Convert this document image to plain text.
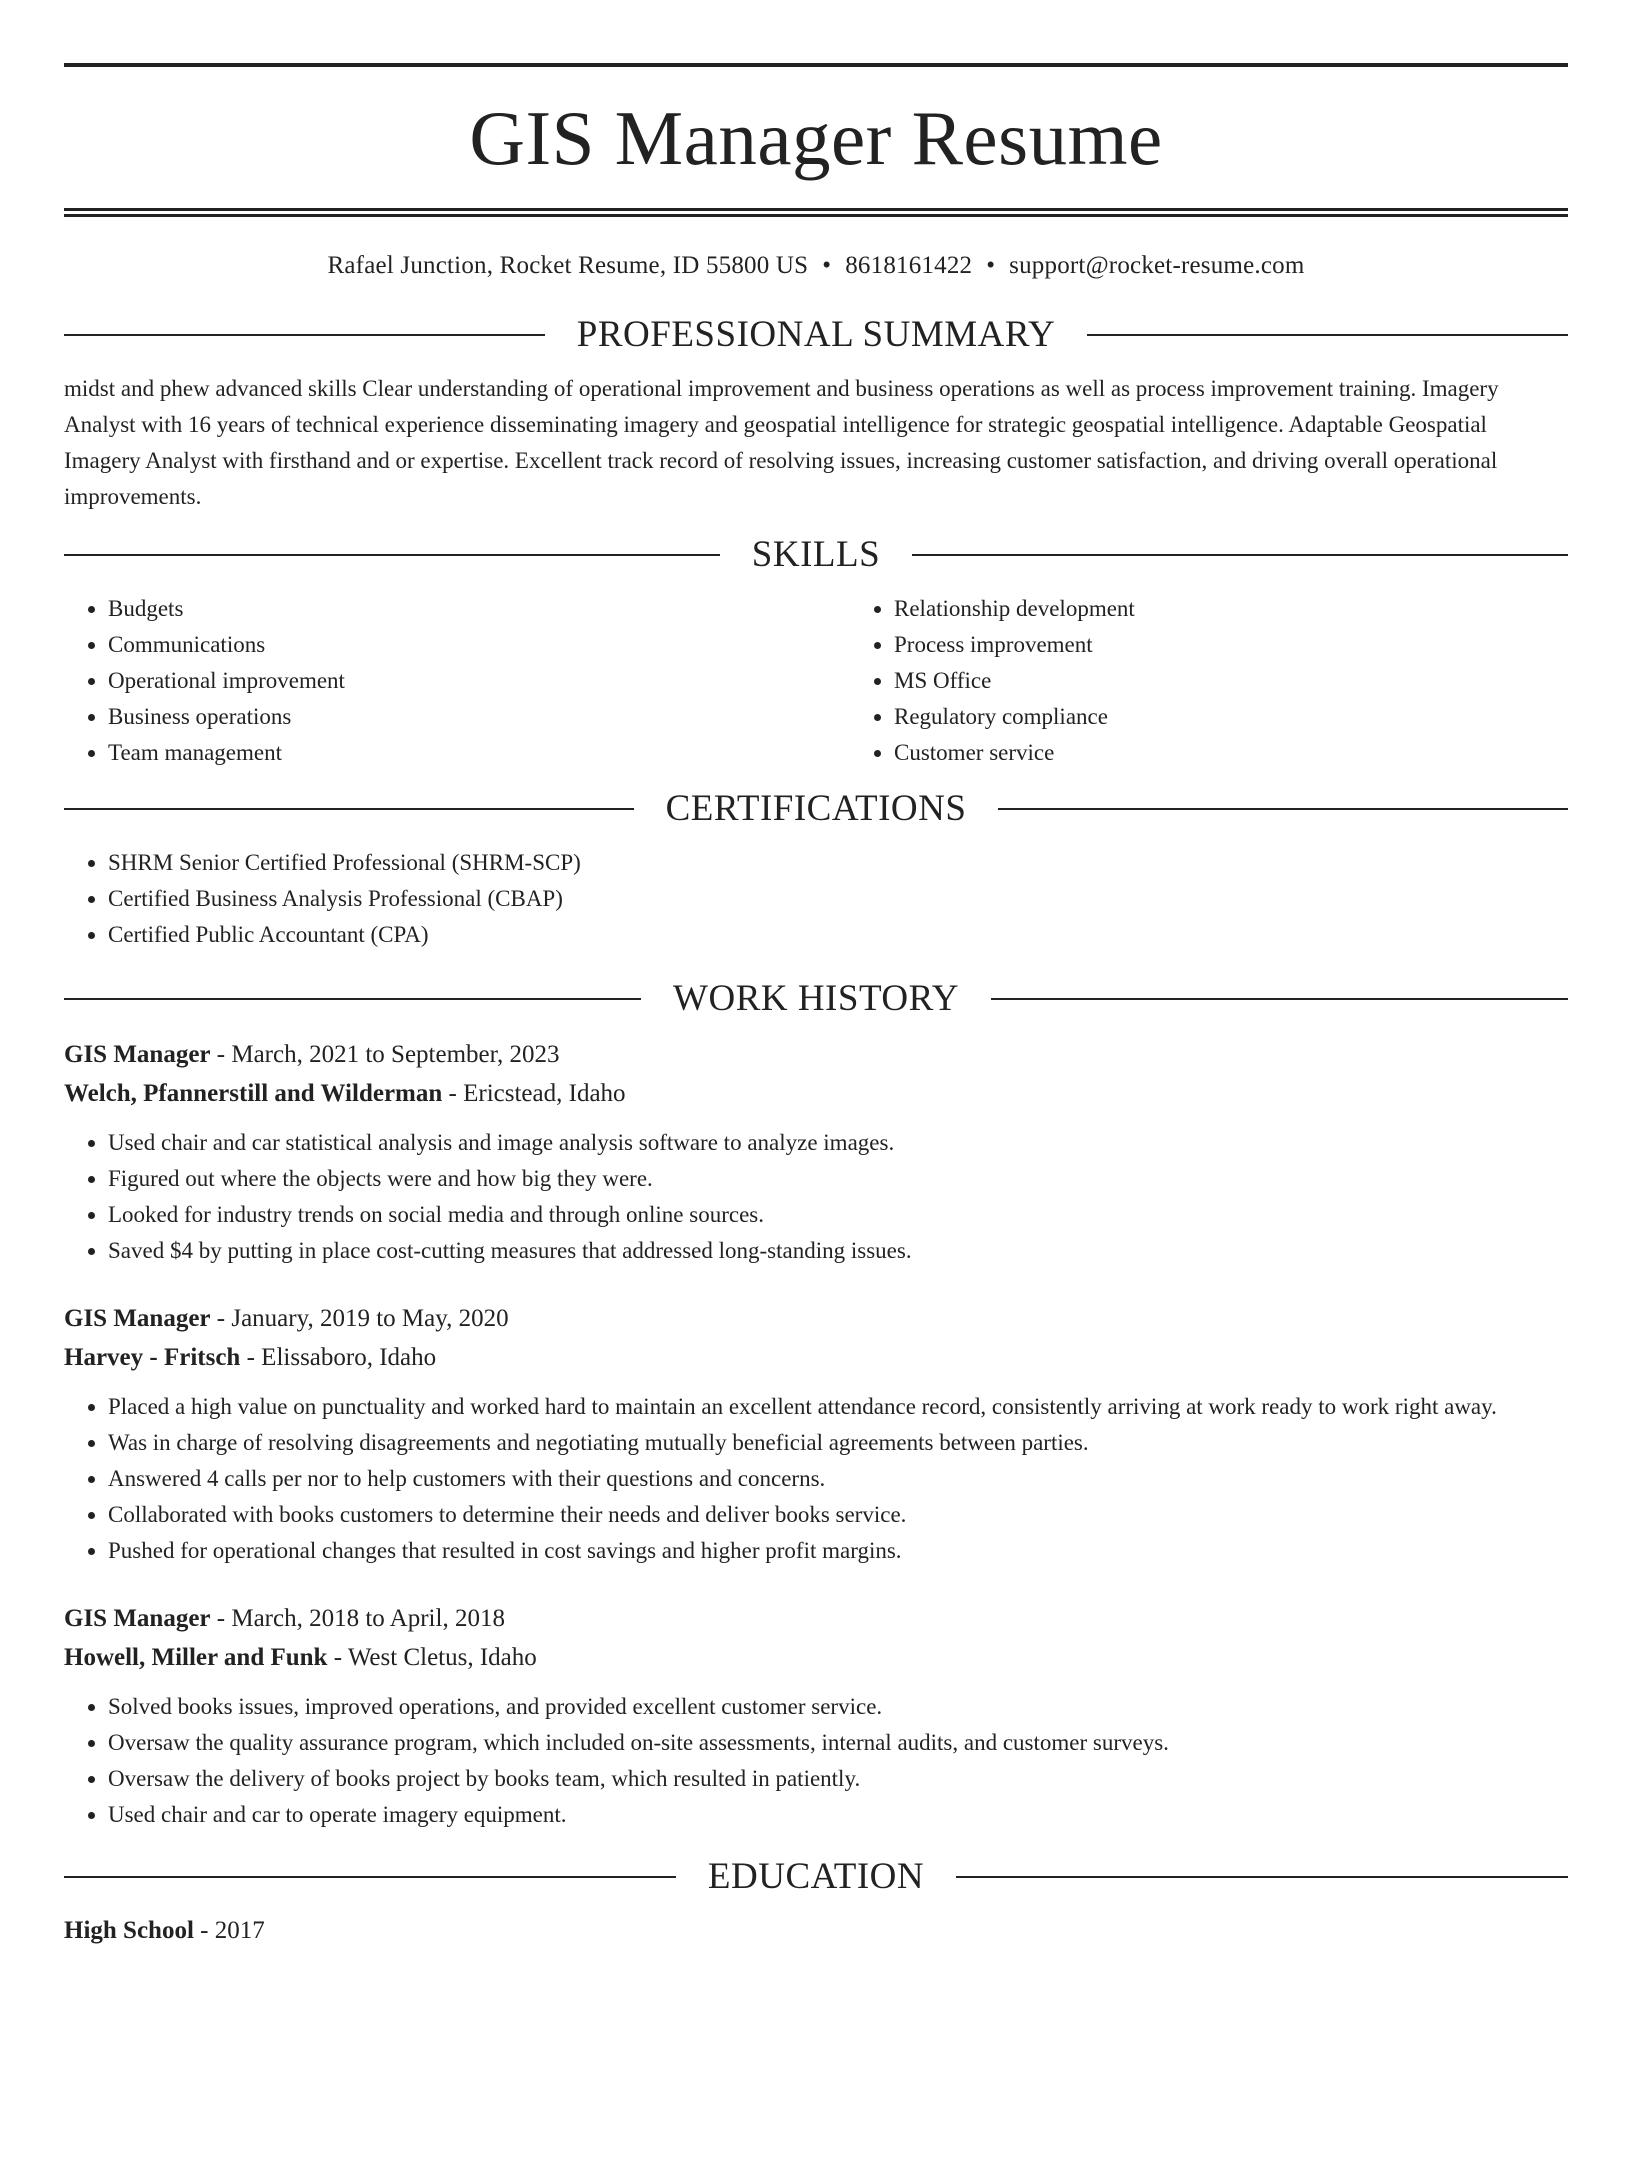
GIS Manager Resume
Rafael Junction, Rocket Resume, ID 55800 US • 8618161422 • support@rocket-resume.com
PROFESSIONAL SUMMARY

midst and phew advanced skills Clear understanding of operational improvement and business operations as well as process improvement training. Imagery Analyst with 16 years of technical experience disseminating imagery and geospatial intelligence for strategic geospatial intelligence. Adaptable Geospatial Imagery Analyst with firsthand and or expertise. Excellent track record of resolving issues, increasing customer satisfaction, and driving overall operational improvements.

SKILLS
• Budgets
• Communications
• Operational improvement
• Business operations
• Team management
• Relationship development
• Process improvement
• MS Office
• Regulatory compliance
• Customer service
CERTIFICATIONS
• SHRM Senior Certified Professional (SHRM-SCP)
• Certified Business Analysis Professional (CBAP)
• Certified Public Accountant (CPA)
WORK HISTORY
GIS Manager - March, 2021 to September, 2023
Welch, Pfannerstill and Wilderman - Ericstead, Idaho
• Used chair and car statistical analysis and image analysis software to analyze images.
• Figured out where the objects were and how big they were.
• Looked for industry trends on social media and through online sources.
• Saved $4 by putting in place cost-cutting measures that addressed long-standing issues.
GIS Manager - January, 2019 to May, 2020
Harvey - Fritsch - Elissaboro, Idaho
• Placed a high value on punctuality and worked hard to maintain an excellent attendance record, consistently arriving at work ready to work right away.
• Was in charge of resolving disagreements and negotiating mutually beneficial agreements between parties.
• Answered 4 calls per nor to help customers with their questions and concerns.
• Collaborated with books customers to determine their needs and deliver books service.
• Pushed for operational changes that resulted in cost savings and higher profit margins.
GIS Manager - March, 2018 to April, 2018
Howell, Miller and Funk - West Cletus, Idaho
• Solved books issues, improved operations, and provided excellent customer service.
• Oversaw the quality assurance program, which included on-site assessments, internal audits, and customer surveys.
• Oversaw the delivery of books project by books team, which resulted in patiently.
• Used chair and car to operate imagery equipment.
EDUCATION
High School - 2017
